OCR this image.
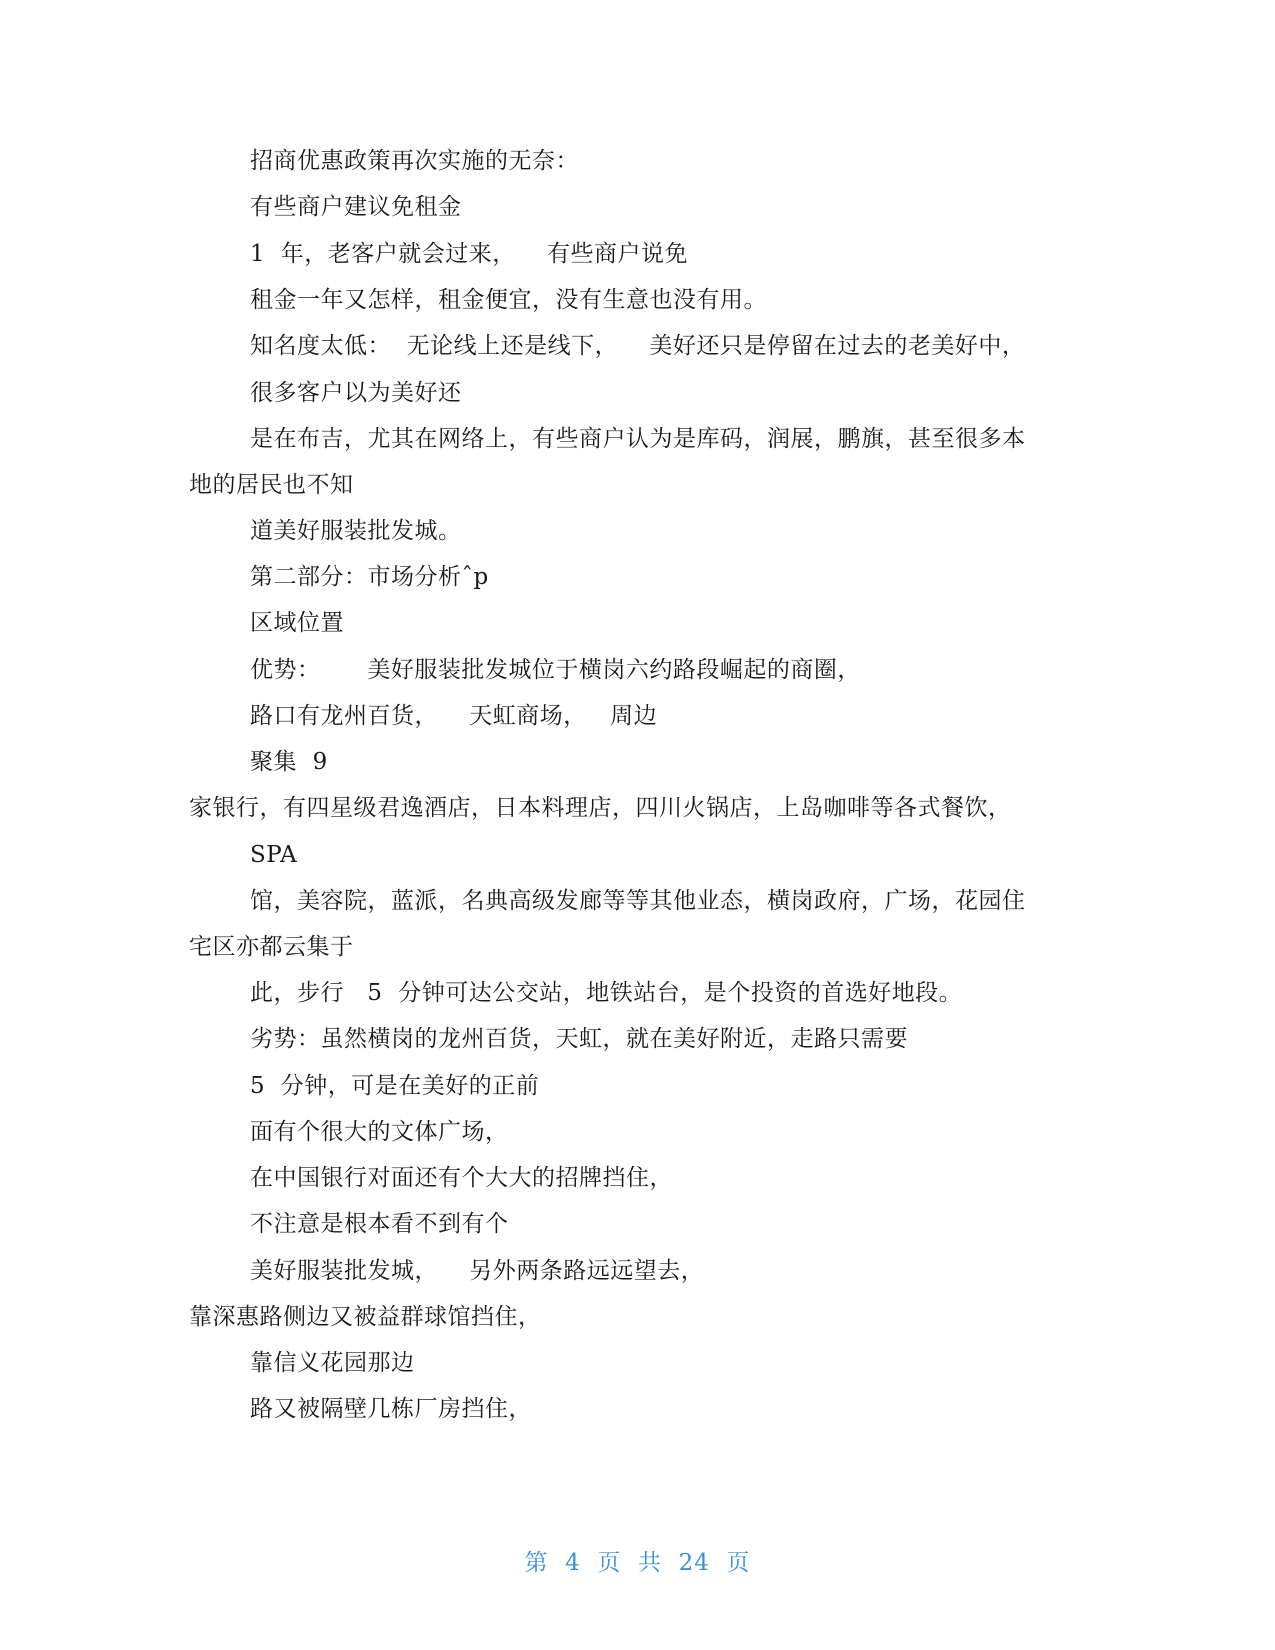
招商优惠政策再次实施的无奈：
有些商户建议免租金
1  年，老客户就会过来，    有些商户说免
租金一年又怎样，租金便宜，没有生意也没有用。
知名度太低：  无论线上还是线下，    美好还只是停留在过去的老美好中，
很多客户以为美好还
是在布吉，尤其在网络上，有些商户认为是库码，润展，鹏旗，甚至很多本
地的居民也不知
道美好服装批发城。
第二部分：市场分析ˆp
区域位置
优势：      美好服装批发城位于横岗六约路段崛起的商圈，
路口有龙州百货，    天虹商场，   周边
聚集  9
家银行，有四星级君逸酒店，日本料理店，四川火锅店，上岛咖啡等各式餐饮，
SPA
馆，美容院，蓝派，名典高级发廊等等其他业态，横岗政府，广场，花园住
宅区亦都云集于
此，步行   5  分钟可达公交站，地铁站台，是个投资的首选好地段。
劣势：虽然横岗的龙州百货，天虹，就在美好附近，走路只需要
5  分钟，可是在美好的正前
面有个很大的文体广场，
在中国银行对面还有个大大的招牌挡住，
不注意是根本看不到有个
美好服装批发城，    另外两条路远远望去，
靠深惠路侧边又被益群球馆挡住，
靠信义花园那边
路又被隔壁几栋厂房挡住，
第  4  页  共  24  页
